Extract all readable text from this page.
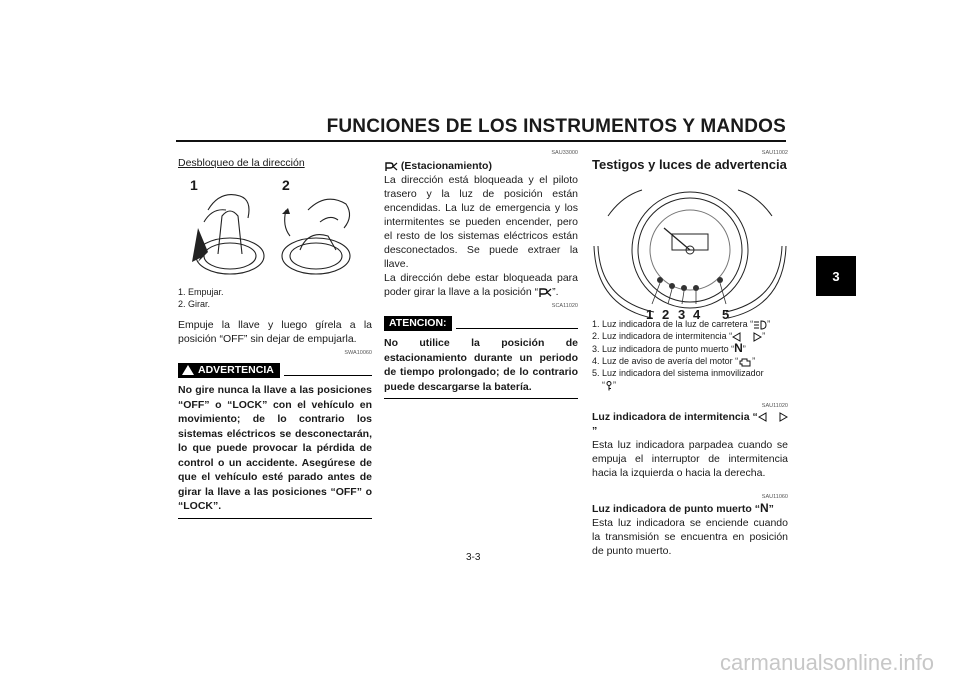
FUNCIONES DE LOS INSTRUMENTOS Y MANDOS
3

Desbloqueo de la dirección

1	2
1. Empujar.
2. Girar.

Empuje la llave y luego gírela a la posición “OFF” sin dejar de empujarla.

SWA10060

ADVERTENCIA

No gire nunca la llave a las posiciones “OFF” o “LOCK” con el vehículo en movimiento; de lo contrario los sistemas eléctricos se desconectarán, lo que puede provocar la pérdida de control o un accidente. Asegúrese de que el vehículo esté parado antes de girar la llave a las posiciones “OFF” o “LOCK”.

SAU33000

(Estacionamiento)

La dirección está bloqueada y el piloto trasero y la luz de posición están encendidas. La luz de emergencia y los intermitentes se pueden encender, pero el resto de los sistemas eléctricos están desconectados. Se puede extraer la llave.

La dirección debe estar bloqueada para poder girar la llave a la posición “ ”.

SCA11020

ATENCION:

No utilice la posición de estacionamiento durante un periodo de tiempo prolongado; de lo contrario puede descargarse la batería.

SAU11002

Testigos y luces de advertencia

1 2 3 4 5
1. Luz indicadora de la luz de carretera “ ”
2. Luz indicadora de intermitencia “	”
3. Luz indicadora de punto muerto “N”
4. Luz de aviso de avería del motor “ ”
5. Luz indicadora del sistema inmovilizador
“ ”

SAU11020

Luz indicadora de intermitencia “”

Esta luz indicadora parpadea cuando se empuja el interruptor de intermitencia hacia la izquierda o hacia la derecha.

SAU11060

Luz indicadora de punto muerto “N”

Esta luz indicadora se enciende cuando la transmisión se encuentra en posición de punto muerto.

3-3
carmanualsonline.info
